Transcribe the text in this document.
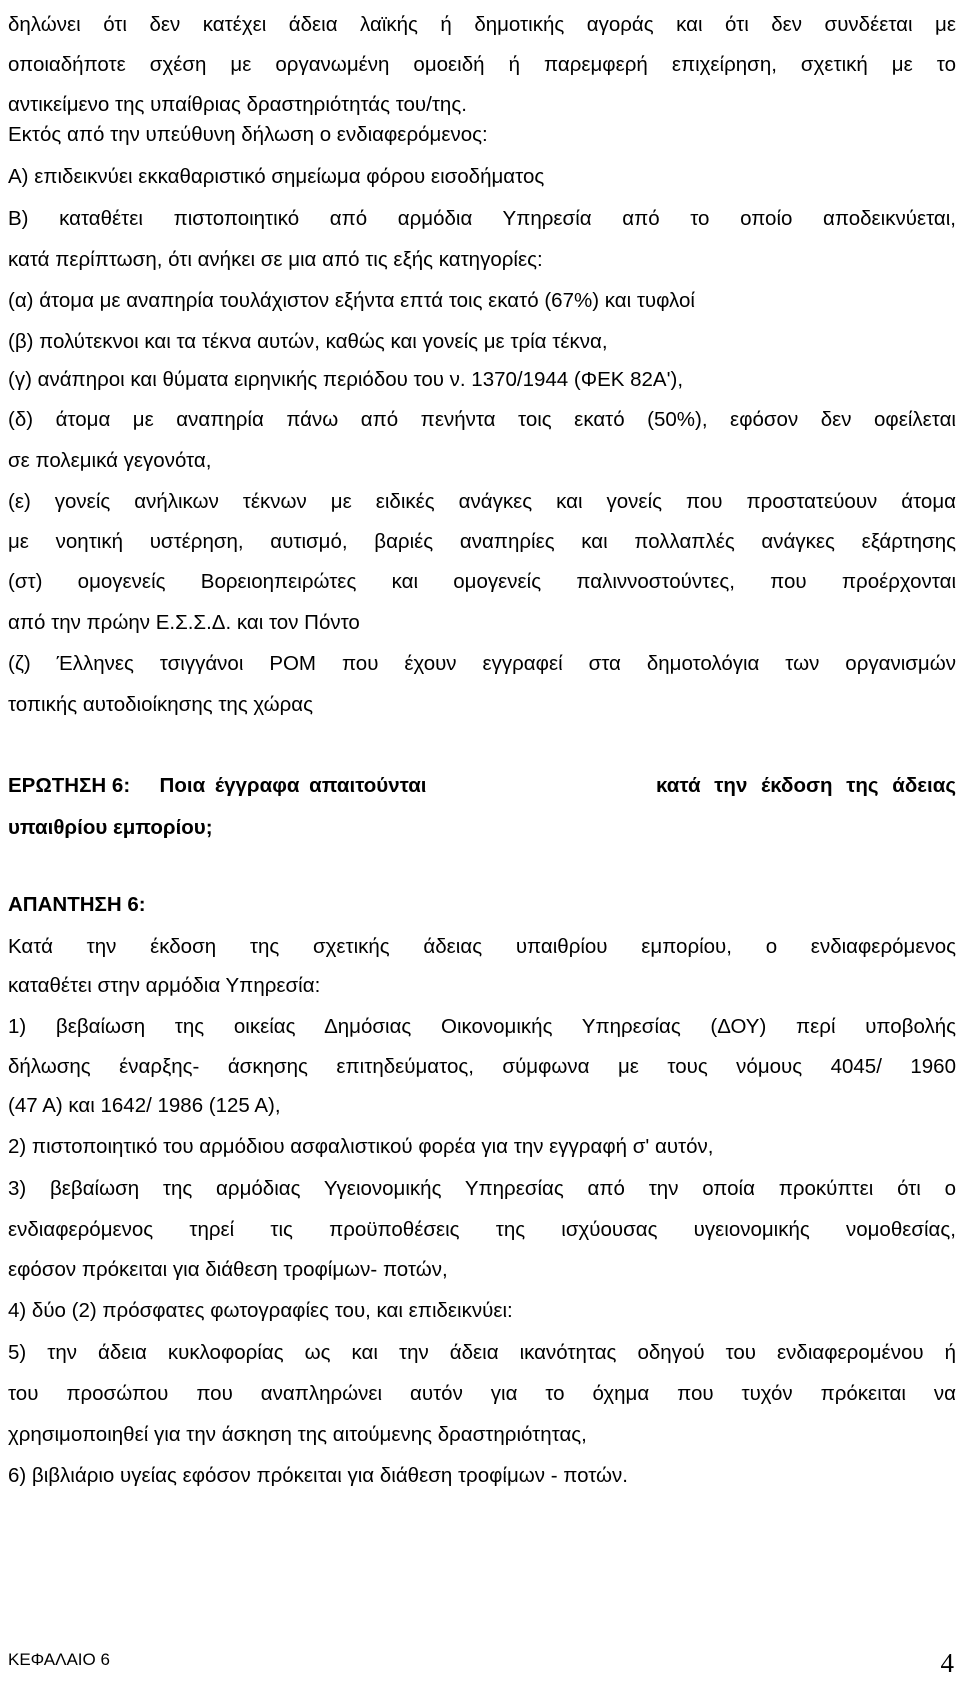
δηλώνει ότι δεν κατέχει άδεια λαϊκής ή δημοτικής αγοράς και ότι δεν συνδέεται με
οποιαδήποτε σχέση με οργανωμένη ομοειδή ή παρεμφερή επιχείρηση, σχετική με το
αντικείμενο της υπαίθριας δραστηριότητάς του/της.
Εκτός από την υπεύθυνη δήλωση ο ενδιαφερόμενος:
Α) επιδεικνύει εκκαθαριστικό σημείωμα φόρου εισοδήματος
Β) καταθέτει πιστοποιητικό από αρμόδια Υπηρεσία από το οποίο αποδεικνύεται,
κατά περίπτωση, ότι ανήκει σε μια από τις εξής κατηγορίες:
(α) άτομα με αναπηρία τουλάχιστον εξήντα επτά τοις εκατό (67%) και τυφλοί
(β) πολύτεκνοι και τα τέκνα αυτών, καθώς και γονείς με τρία τέκνα,
(γ) ανάπηροι και θύματα ειρηνικής περιόδου του ν. 1370/1944 (ΦΕΚ 82Α'),
(δ) άτομα με αναπηρία πάνω από πενήντα τοις εκατό (50%), εφόσον δεν οφείλεται
σε πολεμικά γεγονότα,
(ε) γονείς ανήλικων τέκνων με ειδικές ανάγκες και γονείς που προστατεύουν άτομα
με νοητική υστέρηση, αυτισμό, βαριές αναπηρίες και πολλαπλές ανάγκες εξάρτησης
(στ) ομογενείς Βορειοηπειρώτες και ομογενείς παλιννοστούντες, που προέρχονται
από την πρώην Ε.Σ.Σ.Δ. και τον Πόντο
(ζ) Έλληνες τσιγγάνοι ΡΟΜ που έχουν εγγραφεί στα δημοτολόγια των οργανισμών
τοπικής αυτοδιοίκησης της χώρας
ΕΡΩΤΗΣΗ 6: Ποια έγγραφα απαιτούνται	κατά την έκδοση της άδειας
υπαιθρίου εμπορίου;
ΑΠΑΝΤΗΣΗ 6:
Κατά την έκδοση της σχετικής άδειας υπαιθρίου εμπορίου, ο ενδιαφερόμενος
καταθέτει στην αρμόδια Υπηρεσία:
1) βεβαίωση της οικείας Δημόσιας Οικονομικής Υπηρεσίας (ΔΟΥ) περί υποβολής
δήλωσης έναρξης- άσκησης επιτηδεύματος, σύμφωνα με τους νόμους 4045/ 1960
(47 Α) και 1642/ 1986 (125 Α),
2) πιστοποιητικό του αρμόδιου ασφαλιστικού φορέα για την εγγραφή σ' αυτόν,
3) βεβαίωση της αρμόδιας Υγειονομικής Υπηρεσίας από την οποία προκύπτει ότι ο
ενδιαφερόμενος τηρεί τις προϋποθέσεις της ισχύουσας υγειονομικής νομοθεσίας,
εφόσον πρόκειται για διάθεση τροφίμων- ποτών,
4) δύο (2) πρόσφατες φωτογραφίες του, και επιδεικνύει:
5) την άδεια κυκλοφορίας ως και την άδεια ικανότητας οδηγού του ενδιαφερομένου ή
του προσώπου που αναπληρώνει αυτόν για το όχημα που τυχόν πρόκειται να
χρησιμοποιηθεί για την άσκηση της αιτούμενης δραστηριότητας,
6) βιβλιάριο υγείας εφόσον πρόκειται για διάθεση τροφίμων - ποτών.
ΚΕΦΑΛΑΙΟ 6	4
